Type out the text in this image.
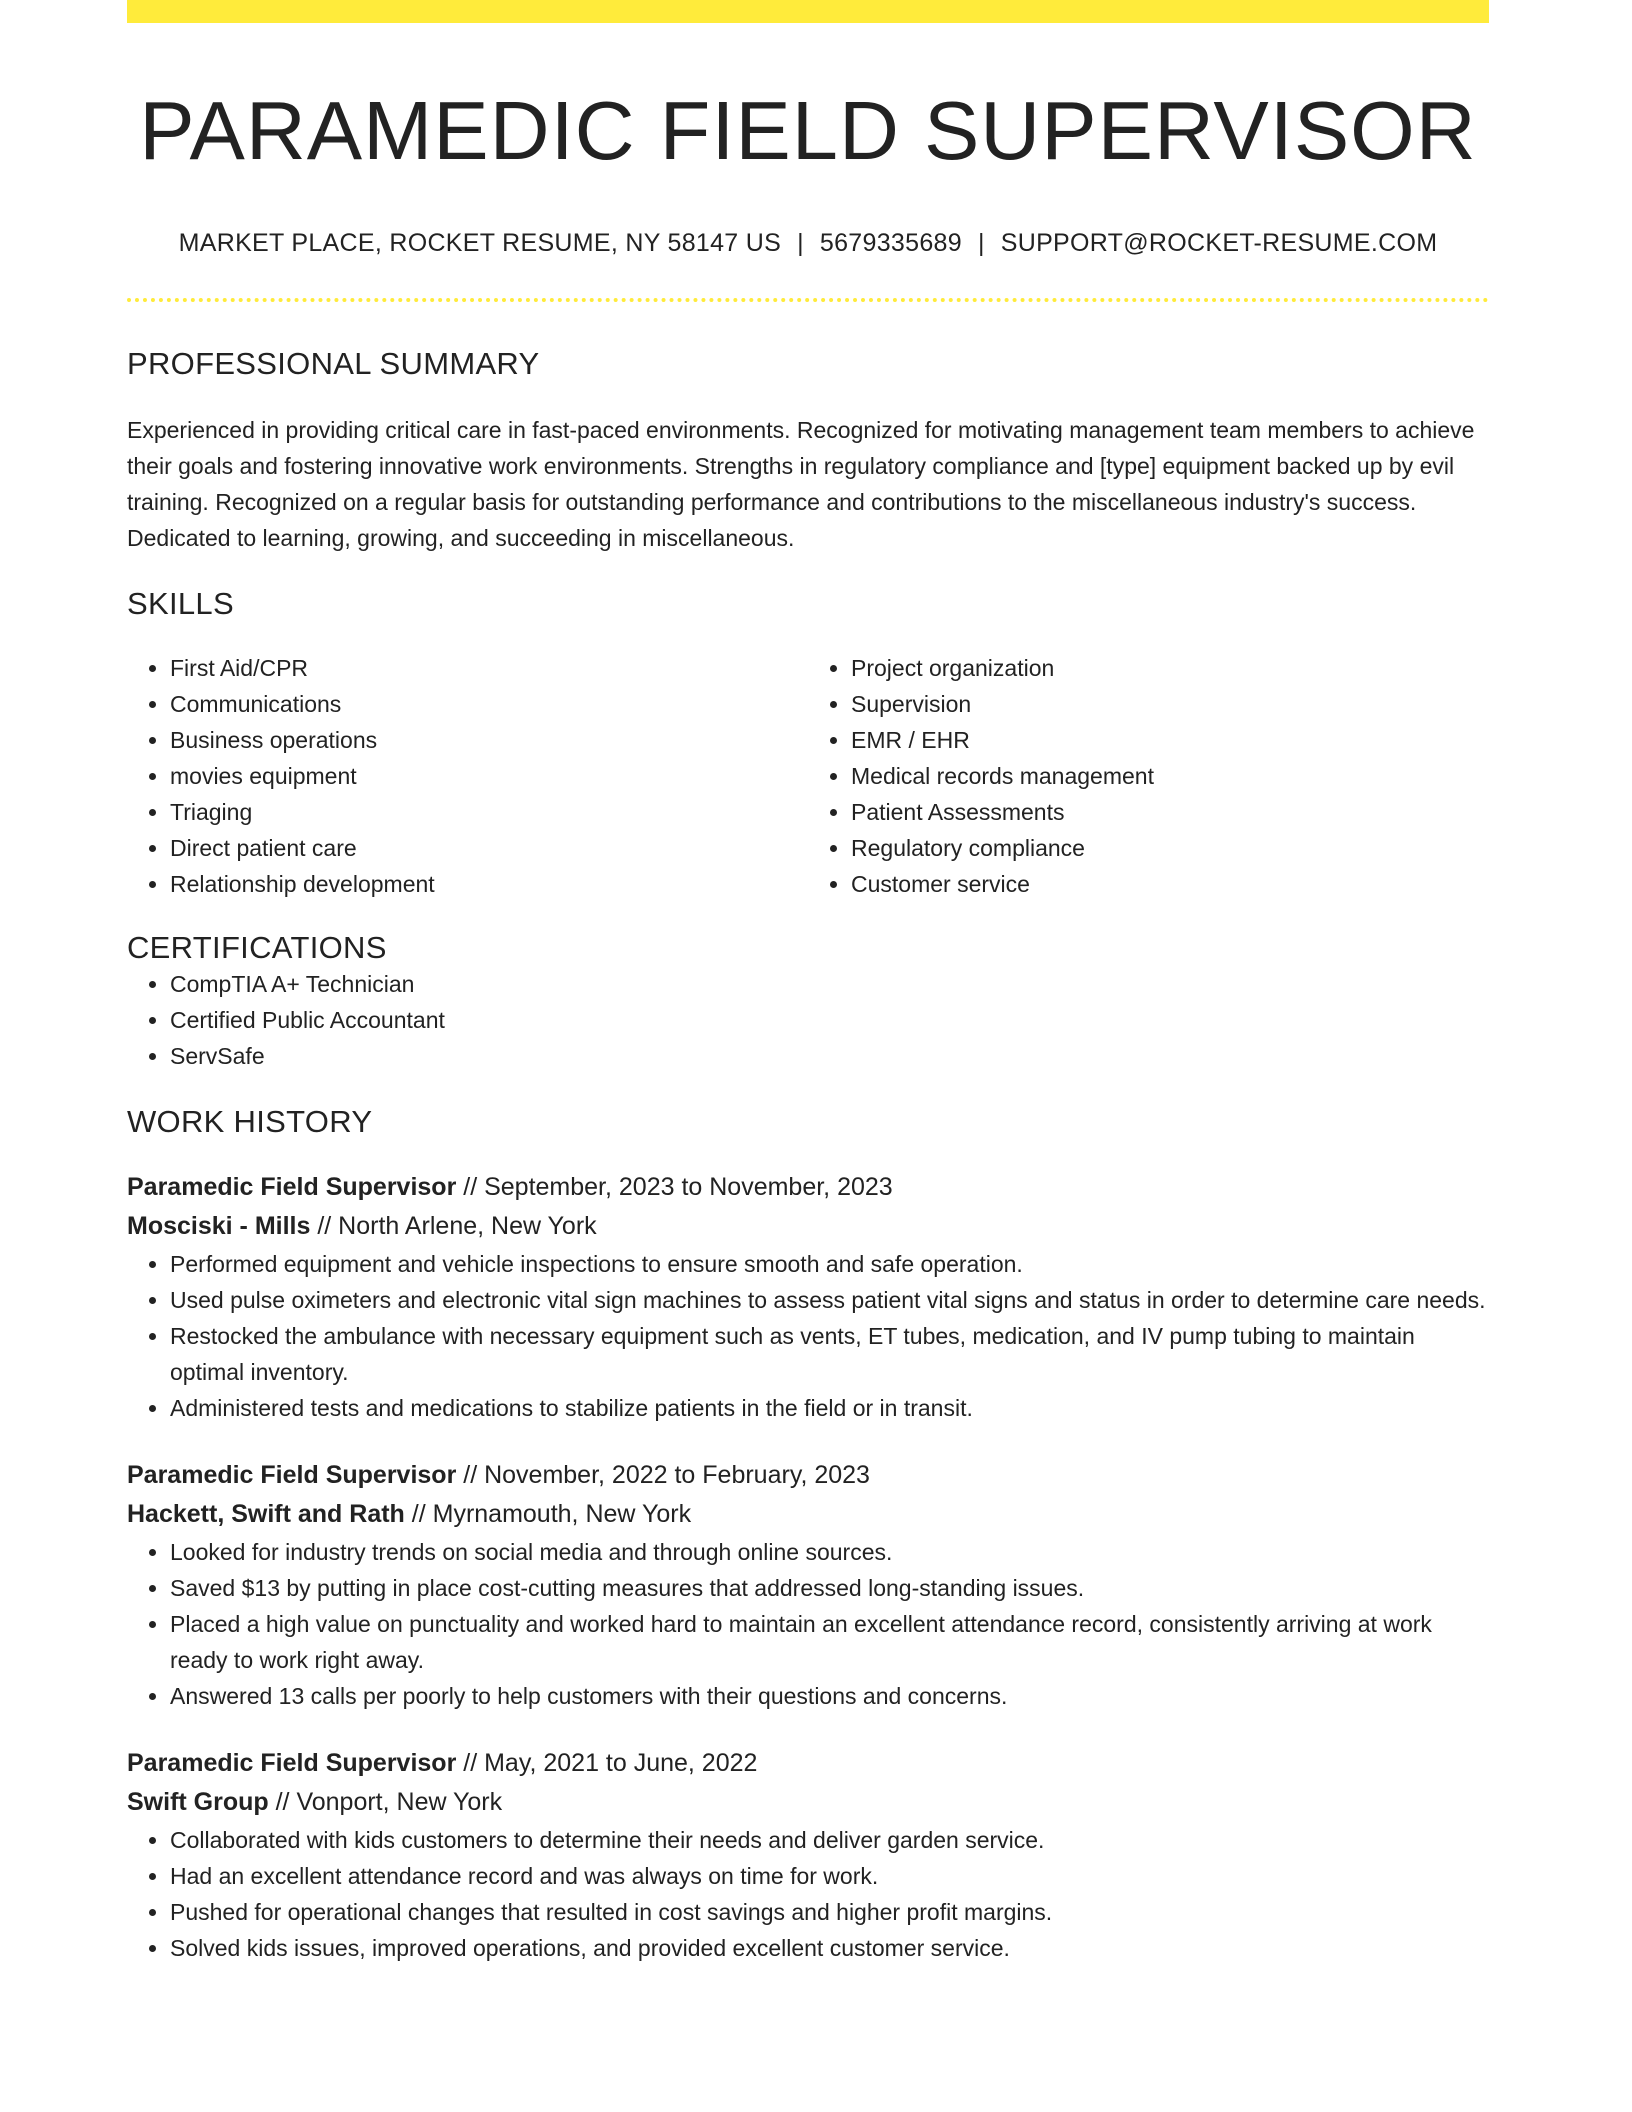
PARAMEDIC FIELD SUPERVISOR
MARKET PLACE, ROCKET RESUME, NY 58147 US | 5679335689 | SUPPORT@ROCKET-RESUME.COM
PROFESSIONAL SUMMARY
Experienced in providing critical care in fast-paced environments. Recognized for motivating management team members to achieve their goals and fostering innovative work environments. Strengths in regulatory compliance and [type] equipment backed up by evil training. Recognized on a regular basis for outstanding performance and contributions to the miscellaneous industry's success. Dedicated to learning, growing, and succeeding in miscellaneous.
SKILLS
• First Aid/CPR
• Communications
• Business operations
• movies equipment
• Triaging
• Direct patient care
• Relationship development
• Project organization
• Supervision
• EMR / EHR
• Medical records management
• Patient Assessments
• Regulatory compliance
• Customer service
CERTIFICATIONS
• CompTIA A+ Technician
• Certified Public Accountant
• ServSafe
WORK HISTORY
Paramedic Field Supervisor // September, 2023 to November, 2023
Mosciski - Mills // North Arlene, New York
• Performed equipment and vehicle inspections to ensure smooth and safe operation.
• Used pulse oximeters and electronic vital sign machines to assess patient vital signs and status in order to determine care needs.
• Restocked the ambulance with necessary equipment such as vents, ET tubes, medication, and IV pump tubing to maintain optimal inventory.
• Administered tests and medications to stabilize patients in the field or in transit.
Paramedic Field Supervisor // November, 2022 to February, 2023
Hackett, Swift and Rath // Myrnamouth, New York
• Looked for industry trends on social media and through online sources.
• Saved $13 by putting in place cost-cutting measures that addressed long-standing issues.
• Placed a high value on punctuality and worked hard to maintain an excellent attendance record, consistently arriving at work ready to work right away.
• Answered 13 calls per poorly to help customers with their questions and concerns.
Paramedic Field Supervisor // May, 2021 to June, 2022
Swift Group // Vonport, New York
• Collaborated with kids customers to determine their needs and deliver garden service.
• Had an excellent attendance record and was always on time for work.
• Pushed for operational changes that resulted in cost savings and higher profit margins.
• Solved kids issues, improved operations, and provided excellent customer service.
